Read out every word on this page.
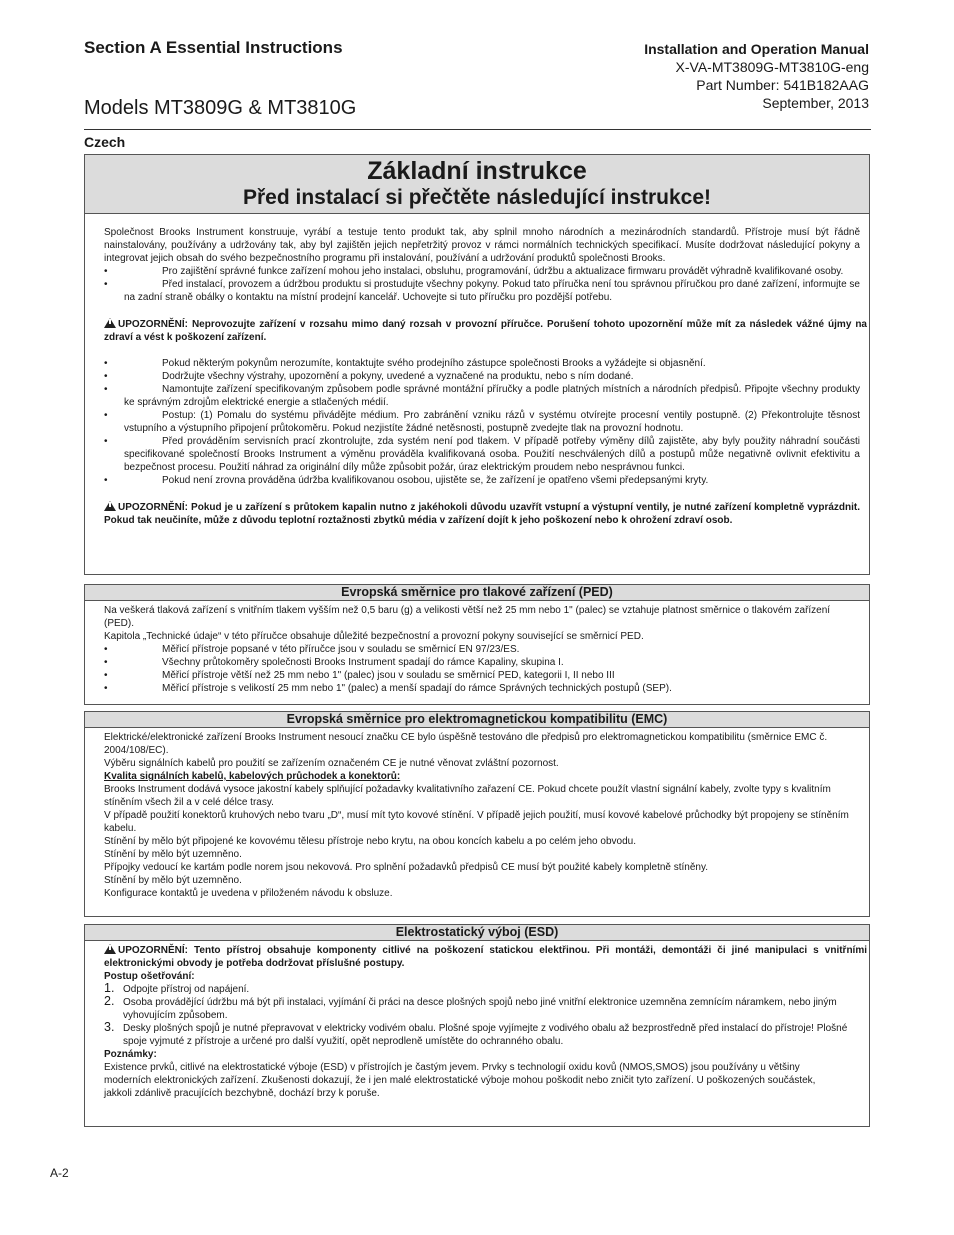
Section A Essential Instructions	Installation and Operation Manual
X-VA-MT3809G-MT3810G-eng
Part Number: 541B182AAG
September, 2013
Models MT3809G & MT3810G
Czech
Základní instrukce
Před instalací si přečtěte následující instrukce!

Společnost Brooks Instrument konstruuje, vyrábí a testuje tento produkt tak, aby splnil mnoho národních a mezinárodních standardů. Přístroje musí být řádně nainstalovány, používány a udržovány tak, aby byl zajištěn jejich nepřetržitý provoz v rámci normálních technických specifikací. Musíte dodržovat následující pokyny a integrovat jejich obsah do svého bezpečnostního programu při instalování, používání a udržování produktů společnosti Brooks.

•	Pro zajištění správné funkce zařízení mohou jeho instalaci, obsluhu, programování, údržbu a aktualizace firmwaru provádět výhradně kvalifikované osoby.

•	Před instalací, provozem a údržbou produktu si prostudujte všechny pokyny. Pokud tato příručka není tou správnou příručkou pro dané zařízení, informujte se na zadní straně obálky o kontaktu na místní prodejní kancelář. Uchovejte si tuto příručku pro pozdější potřebu.

UPOZORNĚNÍ: Neprovozujte zařízení v rozsahu mimo daný rozsah v provozní příručce. Porušení tohoto upozornění může mít za následek vážné újmy na zdraví a vést k poškození zařízení.

•	Pokud některým pokynům nerozumíte, kontaktujte svého prodejního zástupce společnosti Brooks a vyžádejte si objasnění.

•	Dodržujte všechny výstrahy, upozornění a pokyny, uvedené a vyznačené na produktu, nebo s ním dodané.

•	Namontujte zařízení specifikovaným způsobem podle správné montážní příručky a podle platných místních a národních předpisů. Připojte všechny produkty ke správným zdrojům elektrické energie a stlačených médií.

•	Postup: (1) Pomalu do systému přivádějte médium. Pro zabránění vzniku rázů v systému otvírejte procesní ventily postupně. (2) Překontrolujte těsnost vstupního a výstupního připojení průtokoměru. Pokud nezjistíte žádné netěsnosti, postupně zvedejte tlak na provozní hodnotu.

•	Před prováděním servisních prací zkontrolujte, zda systém není pod tlakem. V případě potřeby výměny dílů zajistěte, aby byly použity náhradní součásti specifikované společností Brooks Instrument a výměnu prováděla kvalifikovaná osoba. Použití neschválených dílů a postupů může negativně ovlivnit efektivitu a bezpečnost procesu. Použití náhrad za originální díly může způsobit požár, úraz elektrickým proudem nebo nesprávnou funkci.

•	Pokud není zrovna prováděna údržba kvalifikovanou osobou, ujistěte se, že zařízení je opatřeno všemi předepsanými kryty.

UPOZORNĚNÍ: Pokud je u zařízení s průtokem kapalin nutno z jakéhokoli důvodu uzavřít vstupní a výstupní ventily, je nutné zařízení kompletně vyprázdnit. Pokud tak neučiníte, může z důvodu teplotní roztažnosti zbytků média v zařízení dojít k jeho poškození nebo k ohrožení zdraví osob.

Evropská směrnice pro tlakové zařízení (PED)

Na veškerá tlaková zařízení s vnitřním tlakem vyšším než 0,5 baru (g) a velikosti větší než 25 mm nebo 1" (palec) se vztahuje platnost směrnice o tlakovém zařízení (PED).

Kapitola „Technické údaje“ v této příručce obsahuje důležité bezpečnostní a provozní pokyny související se směrnicí PED.

•	Měřicí přístroje popsané v této příručce jsou v souladu se směrnicí EN 97/23/ES.

•	Všechny průtokoměry společnosti Brooks Instrument spadají do rámce Kapaliny, skupina I.

•	Měřicí přístroje větší než 25 mm nebo 1" (palec) jsou v souladu se směrnicí PED, kategorii I, II nebo III

•	Měřicí přístroje s velikostí 25 mm nebo 1" (palec) a menší spadají do rámce Správných technických postupů (SEP).

Evropská směrnice pro elektromagnetickou kompatibilitu (EMC)

Elektrické/elektronické zařízení Brooks Instrument nesoucí značku CE bylo úspěšně testováno dle předpisů pro elektromagnetickou kompatibilitu (směrnice EMC č. 2004/108/EC).

Výběru signálních kabelů pro použití se zařízením označeném CE je nutné věnovat zvláštní pozornost.

Kvalita signálních kabelů, kabelových průchodek a konektorů:

Brooks Instrument dodává vysoce jakostní kabely splňující požadavky kvalitativního zařazení CE. Pokud chcete použít vlastní signální kabely, zvolte typy s kvalitním stíněním všech žil a v celé délce trasy.

V případě použití konektorů kruhových nebo tvaru „D“, musí mít tyto kovové stínění. V případě jejich použití, musí kovové kabelové průchodky být propojeny se stíněním kabelu.

Stínění by mělo být připojené ke kovovému tělesu přístroje nebo krytu, na obou koncích kabelu a po celém jeho obvodu.

Stínění by mělo být uzemněno.

Přípojky vedoucí ke kartám podle norem jsou nekovová. Pro splnění požadavků předpisů CE musí být použité kabely kompletně stíněny.

Stínění by mělo být uzemněno.

Konfigurace kontaktů je uvedena v přiloženém návodu k obsluze.

Elektrostatický výboj (ESD)

UPOZORNĚNÍ: Tento přístroj obsahuje komponenty citlivé na poškození statickou elektřinou. Při montáži, demontáži či jiné manipulaci s vnitřními elektronickými obvody je potřeba dodržovat příslušné postupy.

Postup ošetřování:

1. Odpojte přístroj od napájení.

2. Osoba provádějící údržbu má být při instalaci, vyjímání či práci na desce plošných spojů nebo jiné vnitřní elektronice uzemněna zemnícím náramkem, nebo jiným vyhovujícím způsobem.

3. Desky plošných spojů je nutné přepravovat v elektricky vodivém obalu. Plošné spoje vyjímejte z vodivého obalu až bezprostředně před instalací do přístroje! Plošné spoje vyjmuté z přístroje a určené pro další využití, opět neprodleně umístěte do ochranného obalu.

Poznámky:

Existence prvků, citlivé na elektrostatické výboje (ESD) v přístrojích je častým jevem. Prvky s technologií oxidu kovů (NMOS,SMOS) jsou používány u většiny moderních elektronických zařízení. Zkušenosti dokazují, že i jen malé elektrostatické výboje mohou poškodit nebo zničit tyto zařízení. U poškozených součástek, jakkoli zdánlivě pracujících bezchybně, dochází brzy k poruše.

A-2
